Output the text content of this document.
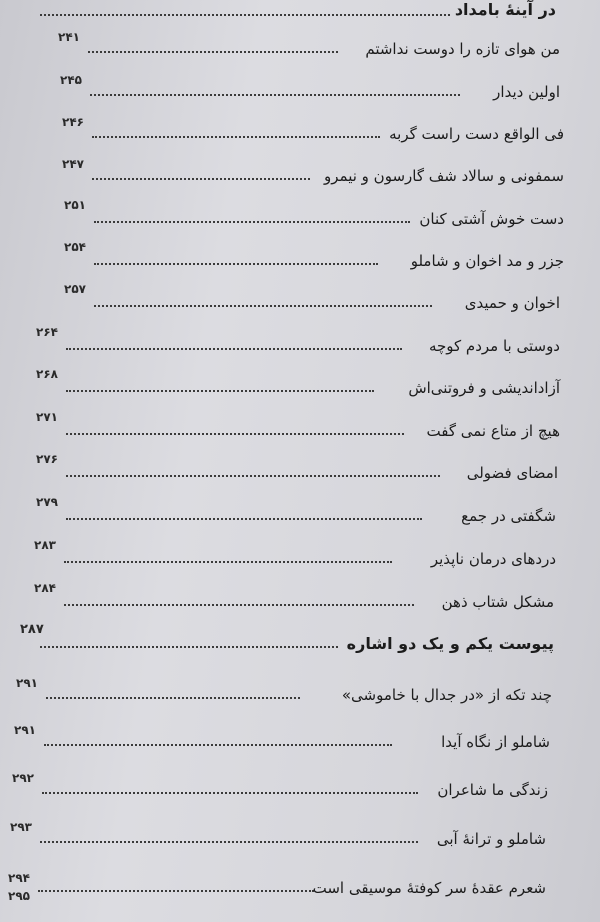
در آینهٔ بامداد
۲۴۱
من هوای تازه را دوست نداشتم
۲۴۵
اولین دیدار
۲۴۶
فی الواقع دست راست گربه
۲۴۷
سمفونی و سالاد شف گارسون و نیمرو
۲۵۱
دست خوش آشتی کنان
۲۵۴
جزر و مد اخوان و شاملو
۲۵۷
اخوان و حمیدی
۲۶۴
دوستی با مردم کوچه
۲۶۸
آزاداندیشی و فروتنی‌اش
۲۷۱
هیچ از متاع نمی گفت
۲۷۶
امضای فضولی
۲۷۹
شگفتی در جمع
۲۸۳
دردهای درمان ناپذیر
۲۸۴
مشکل شتاب ذهن
۲۸۷
پیوست یکم و یک دو اشاره
۲۹۱
چند تکه از «در جدال با خاموشی»
۲۹۱
شاملو از نگاه آیدا
۲۹۲
زندگی ما شاعران
۲۹۳
شاملو و ترانهٔ آبی
۲۹۴
شعرم عقدهٔ سر کوفتهٔ موسیقی است
۲۹۵
